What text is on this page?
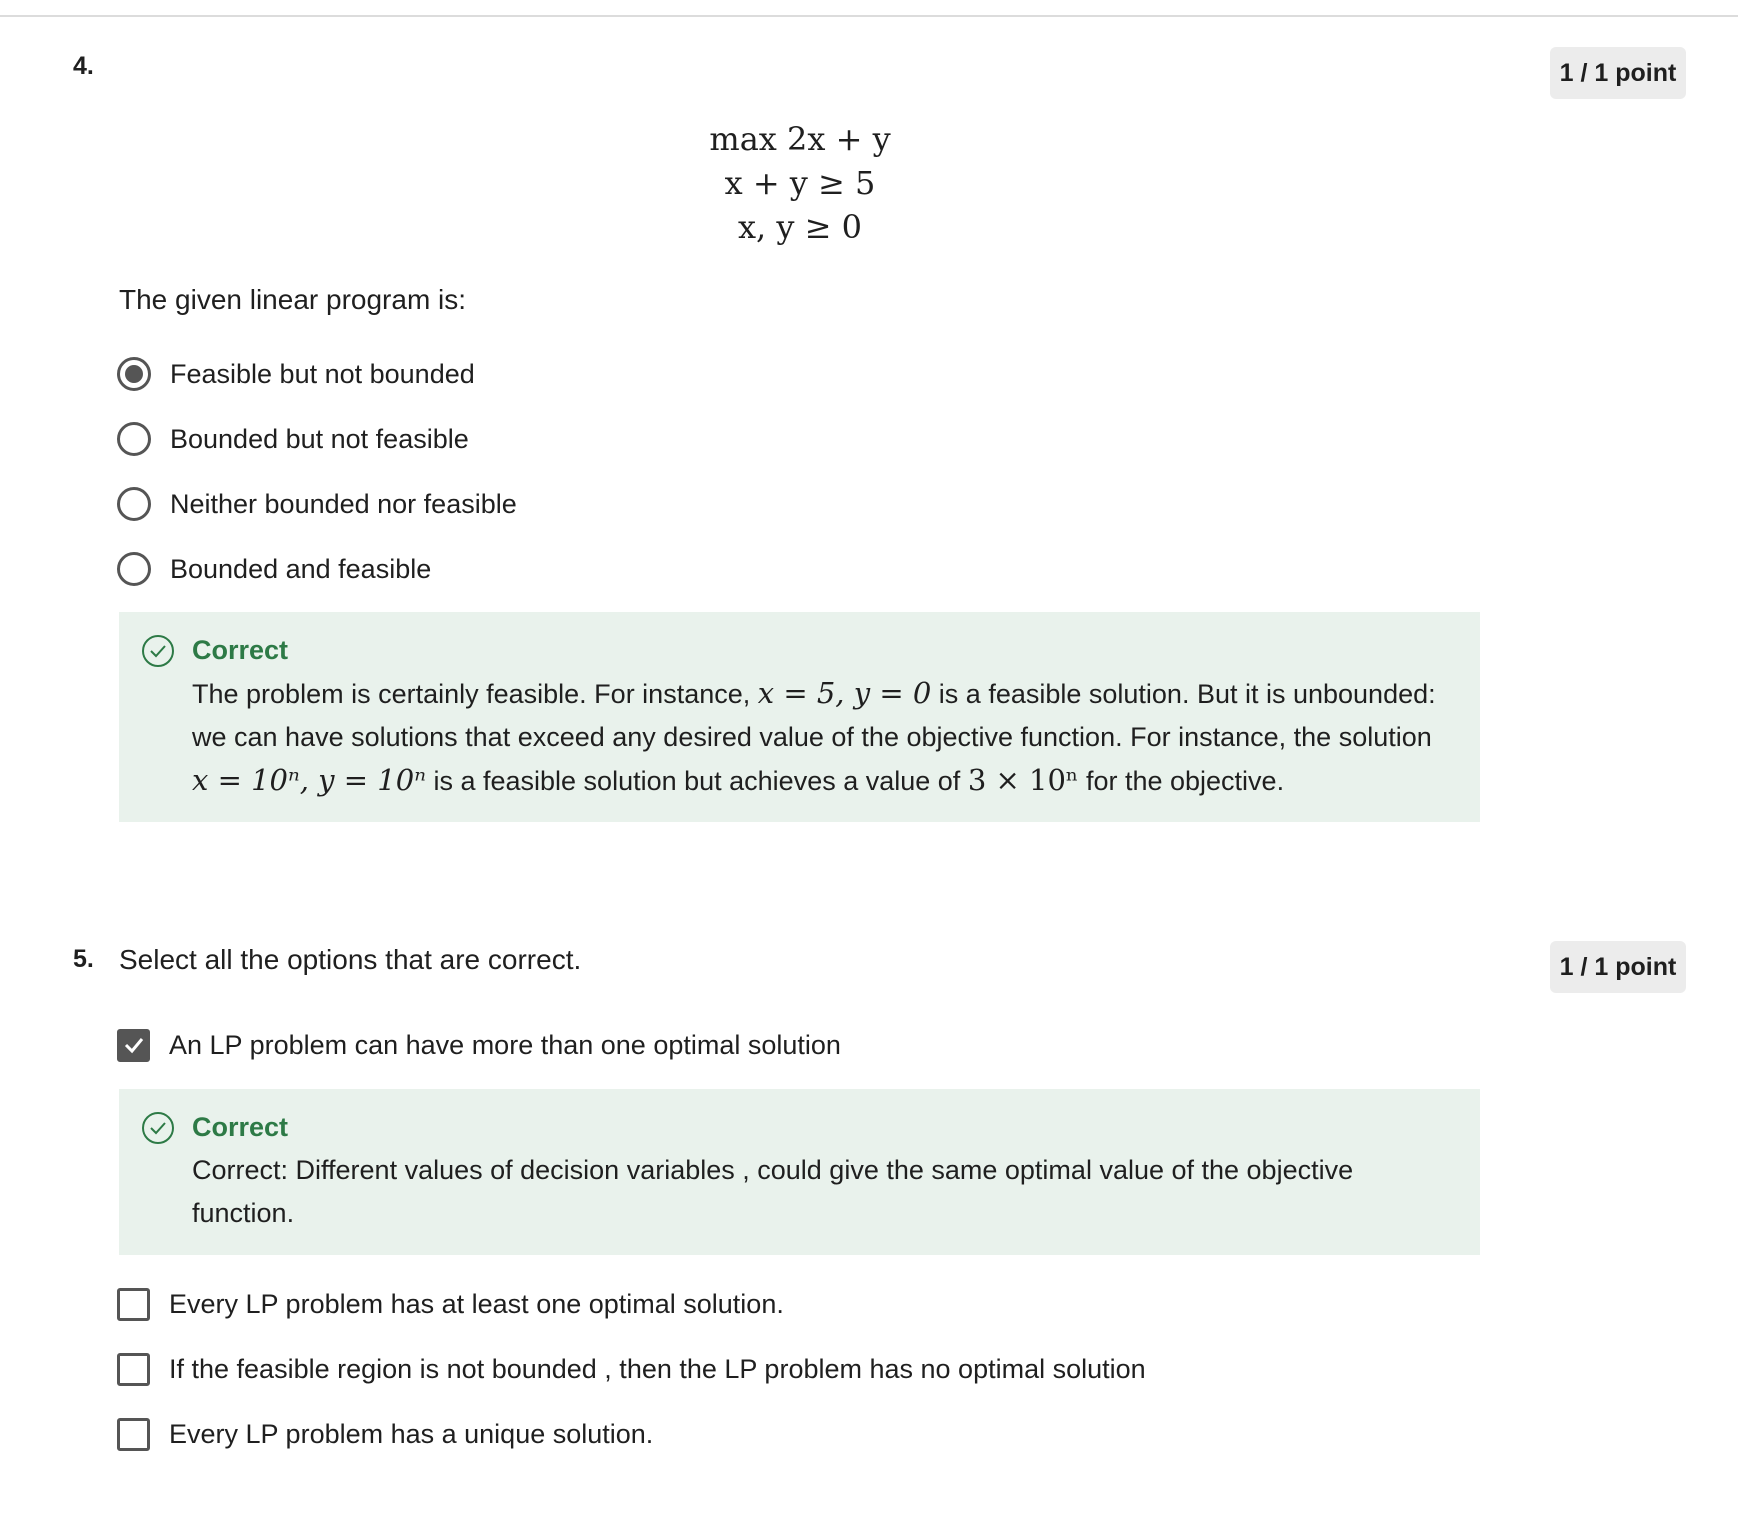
4.	1 / 1 point
max 2x + y
x + y ≥ 5
x, y ≥ 0
The given linear program is:
Feasible but not bounded
Bounded but not feasible
Neither bounded nor feasible
Bounded and feasible
Correct
The problem is certainly feasible. For instance, x = 5, y = 0 is a feasible solution. But it is unbounded: we can have solutions that exceed any desired value of the objective function. For instance, the solution x = 10ⁿ, y = 10ⁿ is a feasible solution but achieves a value of 3 × 10ⁿ for the objective.
5. Select all the options that are correct.	1 / 1 point
An LP problem can have more than one optimal solution
Correct
Correct: Different values of decision variables , could give the same optimal value of the objective function.
Every LP problem has at least one optimal solution.
If the feasible region is not bounded , then the LP problem has no optimal solution
Every LP problem has a unique solution.
